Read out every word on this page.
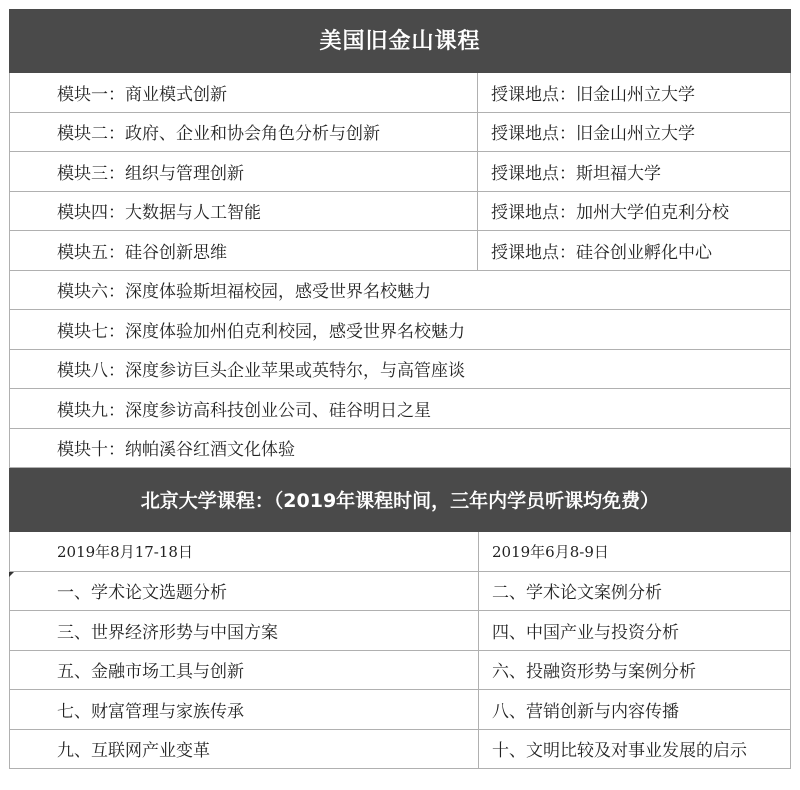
美国旧金山课程
模块一：商业模式创新	授课地点：旧金山州立大学
模块二：政府、企业和协会角色分析与创新	授课地点：旧金山州立大学
模块三：组织与管理创新	授课地点：斯坦福大学
模块四：大数据与人工智能	授课地点：加州大学伯克利分校
模块五：硅谷创新思维	授课地点：硅谷创业孵化中心
模块六：深度体验斯坦福校园，感受世界名校魅力
模块七：深度体验加州伯克利校园，感受世界名校魅力
模块八：深度参访巨头企业苹果或英特尔，与高管座谈
模块九：深度参访高科技创业公司、硅谷明日之星
模块十：纳帕溪谷红酒文化体验
北京大学课程：（2019年课程时间，三年内学员听课均免费）
2019年8月17-18日	2019年6月8-9日
一、学术论文选题分析	二、学术论文案例分析
三、世界经济形势与中国方案	四、中国产业与投资分析
五、金融市场工具与创新	六、投融资形势与案例分析
七、财富管理与家族传承	八、营销创新与内容传播
九、互联网产业变革	十、文明比较及对事业发展的启示
